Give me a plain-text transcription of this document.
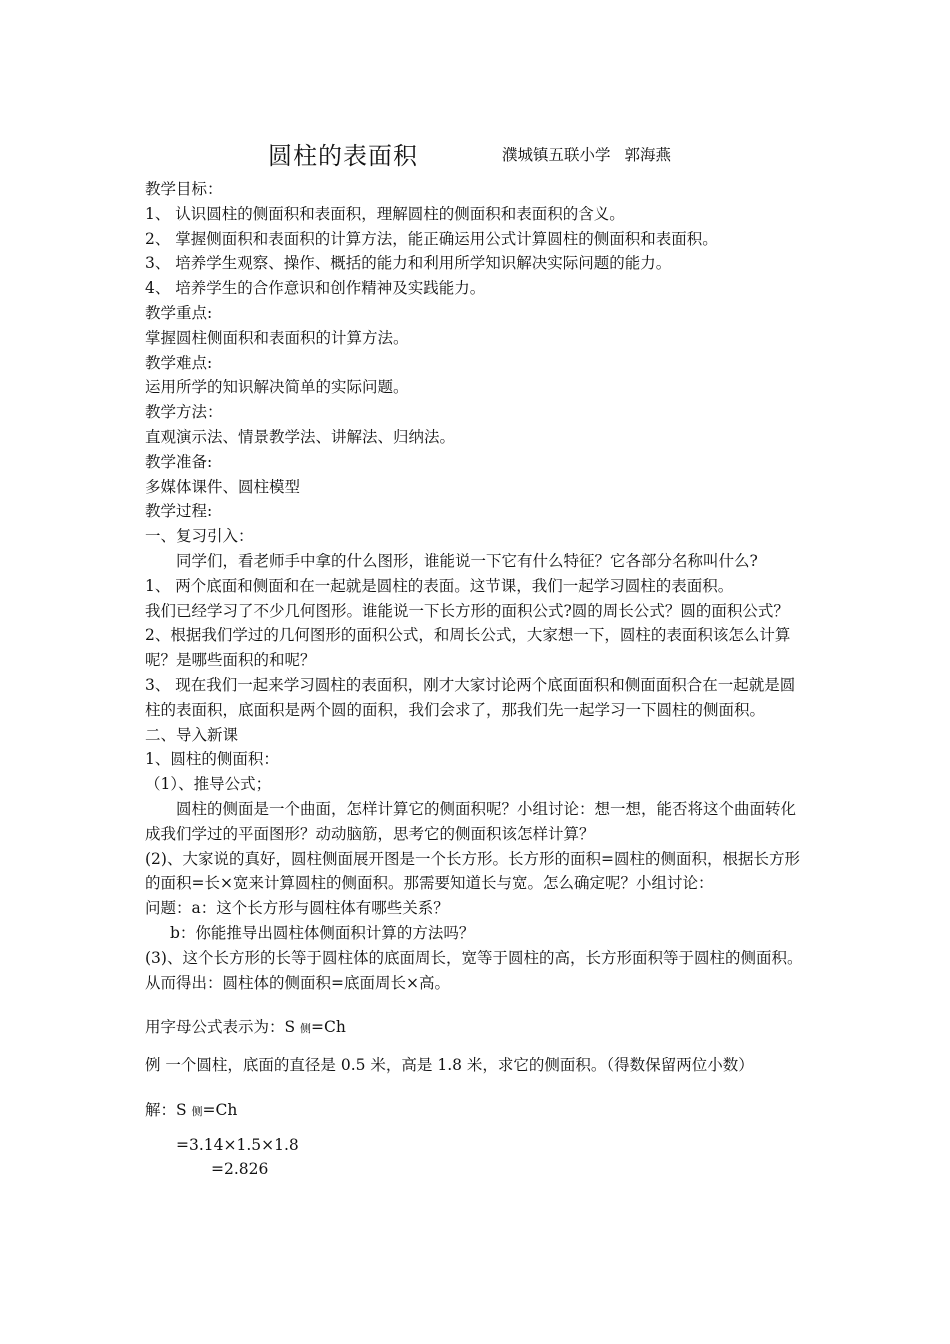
圆柱的表面积	濮城镇五联小学 郭海燕

教学目标：

1、 认识圆柱的侧面积和表面积，理解圆柱的侧面积和表面积的含义。

2、 掌握侧面积和表面积的计算方法，能正确运用公式计算圆柱的侧面积和表面积。

3、 培养学生观察、操作、概括的能力和利用所学知识解决实际问题的能力。

4、 培养学生的合作意识和创作精神及实践能力。

教学重点:

掌握圆柱侧面积和表面积的计算方法。

教学难点:

运用所学的知识解决简单的实际问题。

教学方法：

直观演示法、情景教学法、讲解法、归纳法。

教学准备:

多媒体课件、圆柱模型

教学过程:

一、复习引入：

同学们，看老师手中拿的什么图形，谁能说一下它有什么特征？它各部分名称叫什么?

1、 两个底面和侧面和在一起就是圆柱的表面。这节课，我们一起学习圆柱的表面积。

我们已经学习了不少几何图形。谁能说一下长方形的面积公式?圆的周长公式？圆的面积公式？

2、根据我们学过的几何图形的面积公式，和周长公式，大家想一下，圆柱的表面积该怎么计算呢？是哪些面积的和呢？

3、 现在我们一起来学习圆柱的表面积，刚才大家讨论两个底面面积和侧面面积合在一起就是圆柱的表面积，底面积是两个圆的面积，我们会求了，那我们先一起学习一下圆柱的侧面积。

二、导入新课

1、圆柱的侧面积：

（1）、推导公式；

圆柱的侧面是一个曲面，怎样计算它的侧面积呢？小组讨论：想一想，能否将这个曲面转化成我们学过的平面图形？动动脑筋，思考它的侧面积该怎样计算？

(2)、大家说的真好，圆柱侧面展开图是一个长方形。长方形的面积=圆柱的侧面积，根据长方形的面积=长×宽来计算圆柱的侧面积。那需要知道长与宽。怎么确定呢？小组讨论：

问题：a：这个长方形与圆柱体有哪些关系？

b：你能推导出圆柱体侧面积计算的方法吗？

(3)、这个长方形的长等于圆柱体的底面周长，宽等于圆柱的高，长方形面积等于圆柱的侧面积。从而得出：圆柱体的侧面积=底面周长×高。

用字母公式表示为：S 侧=Ch

例 一个圆柱，底面的直径是 0.5 米，高是 1.8 米，求它的侧面积。（得数保留两位小数）

解：S 侧=Ch

=3.14×1.5×1.8

=2.826
